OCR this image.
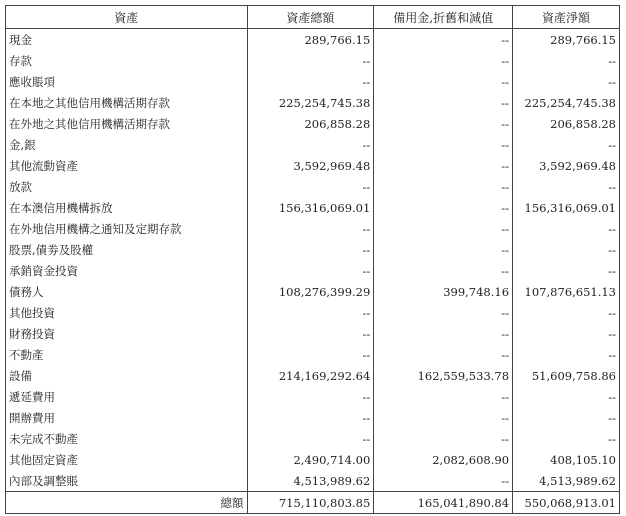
資產	資產總額	備用金,折舊和減值	資產淨額
現金	289,766.15	--	289,766.15
存款	--	--	--
應收賬項	--	--	--
在本地之其他信用機構活期存款	225,254,745.38	--	225,254,745.38
在外地之其他信用機構活期存款	206,858.28	--	206,858.28
金,銀	--	--	--
其他流動資產	3,592,969.48	--	3,592,969.48
放款	--	--	--
在本澳信用機構拆放	156,316,069.01	--	156,316,069.01
在外地信用機構之通知及定期存款	--	--	--
股票,債劵及股權	--	--	--
承銷資金投資	--	--	--
債務人	108,276,399.29	399,748.16	107,876,651.13
其他投資	--	--	--
財務投資	--	--	--
不動產	--	--	--
設備	214,169,292.64	162,559,533.78	51,609,758.86
遞延費用	--	--	--
開辦費用	--	--	--
未完成不動產	--	--	--
其他固定資產	2,490,714.00	2,082,608.90	408,105.10
內部及調整賬	4,513,989.62	--	4,513,989.62
總額	715,110,803.85	165,041,890.84	550,068,913.01
